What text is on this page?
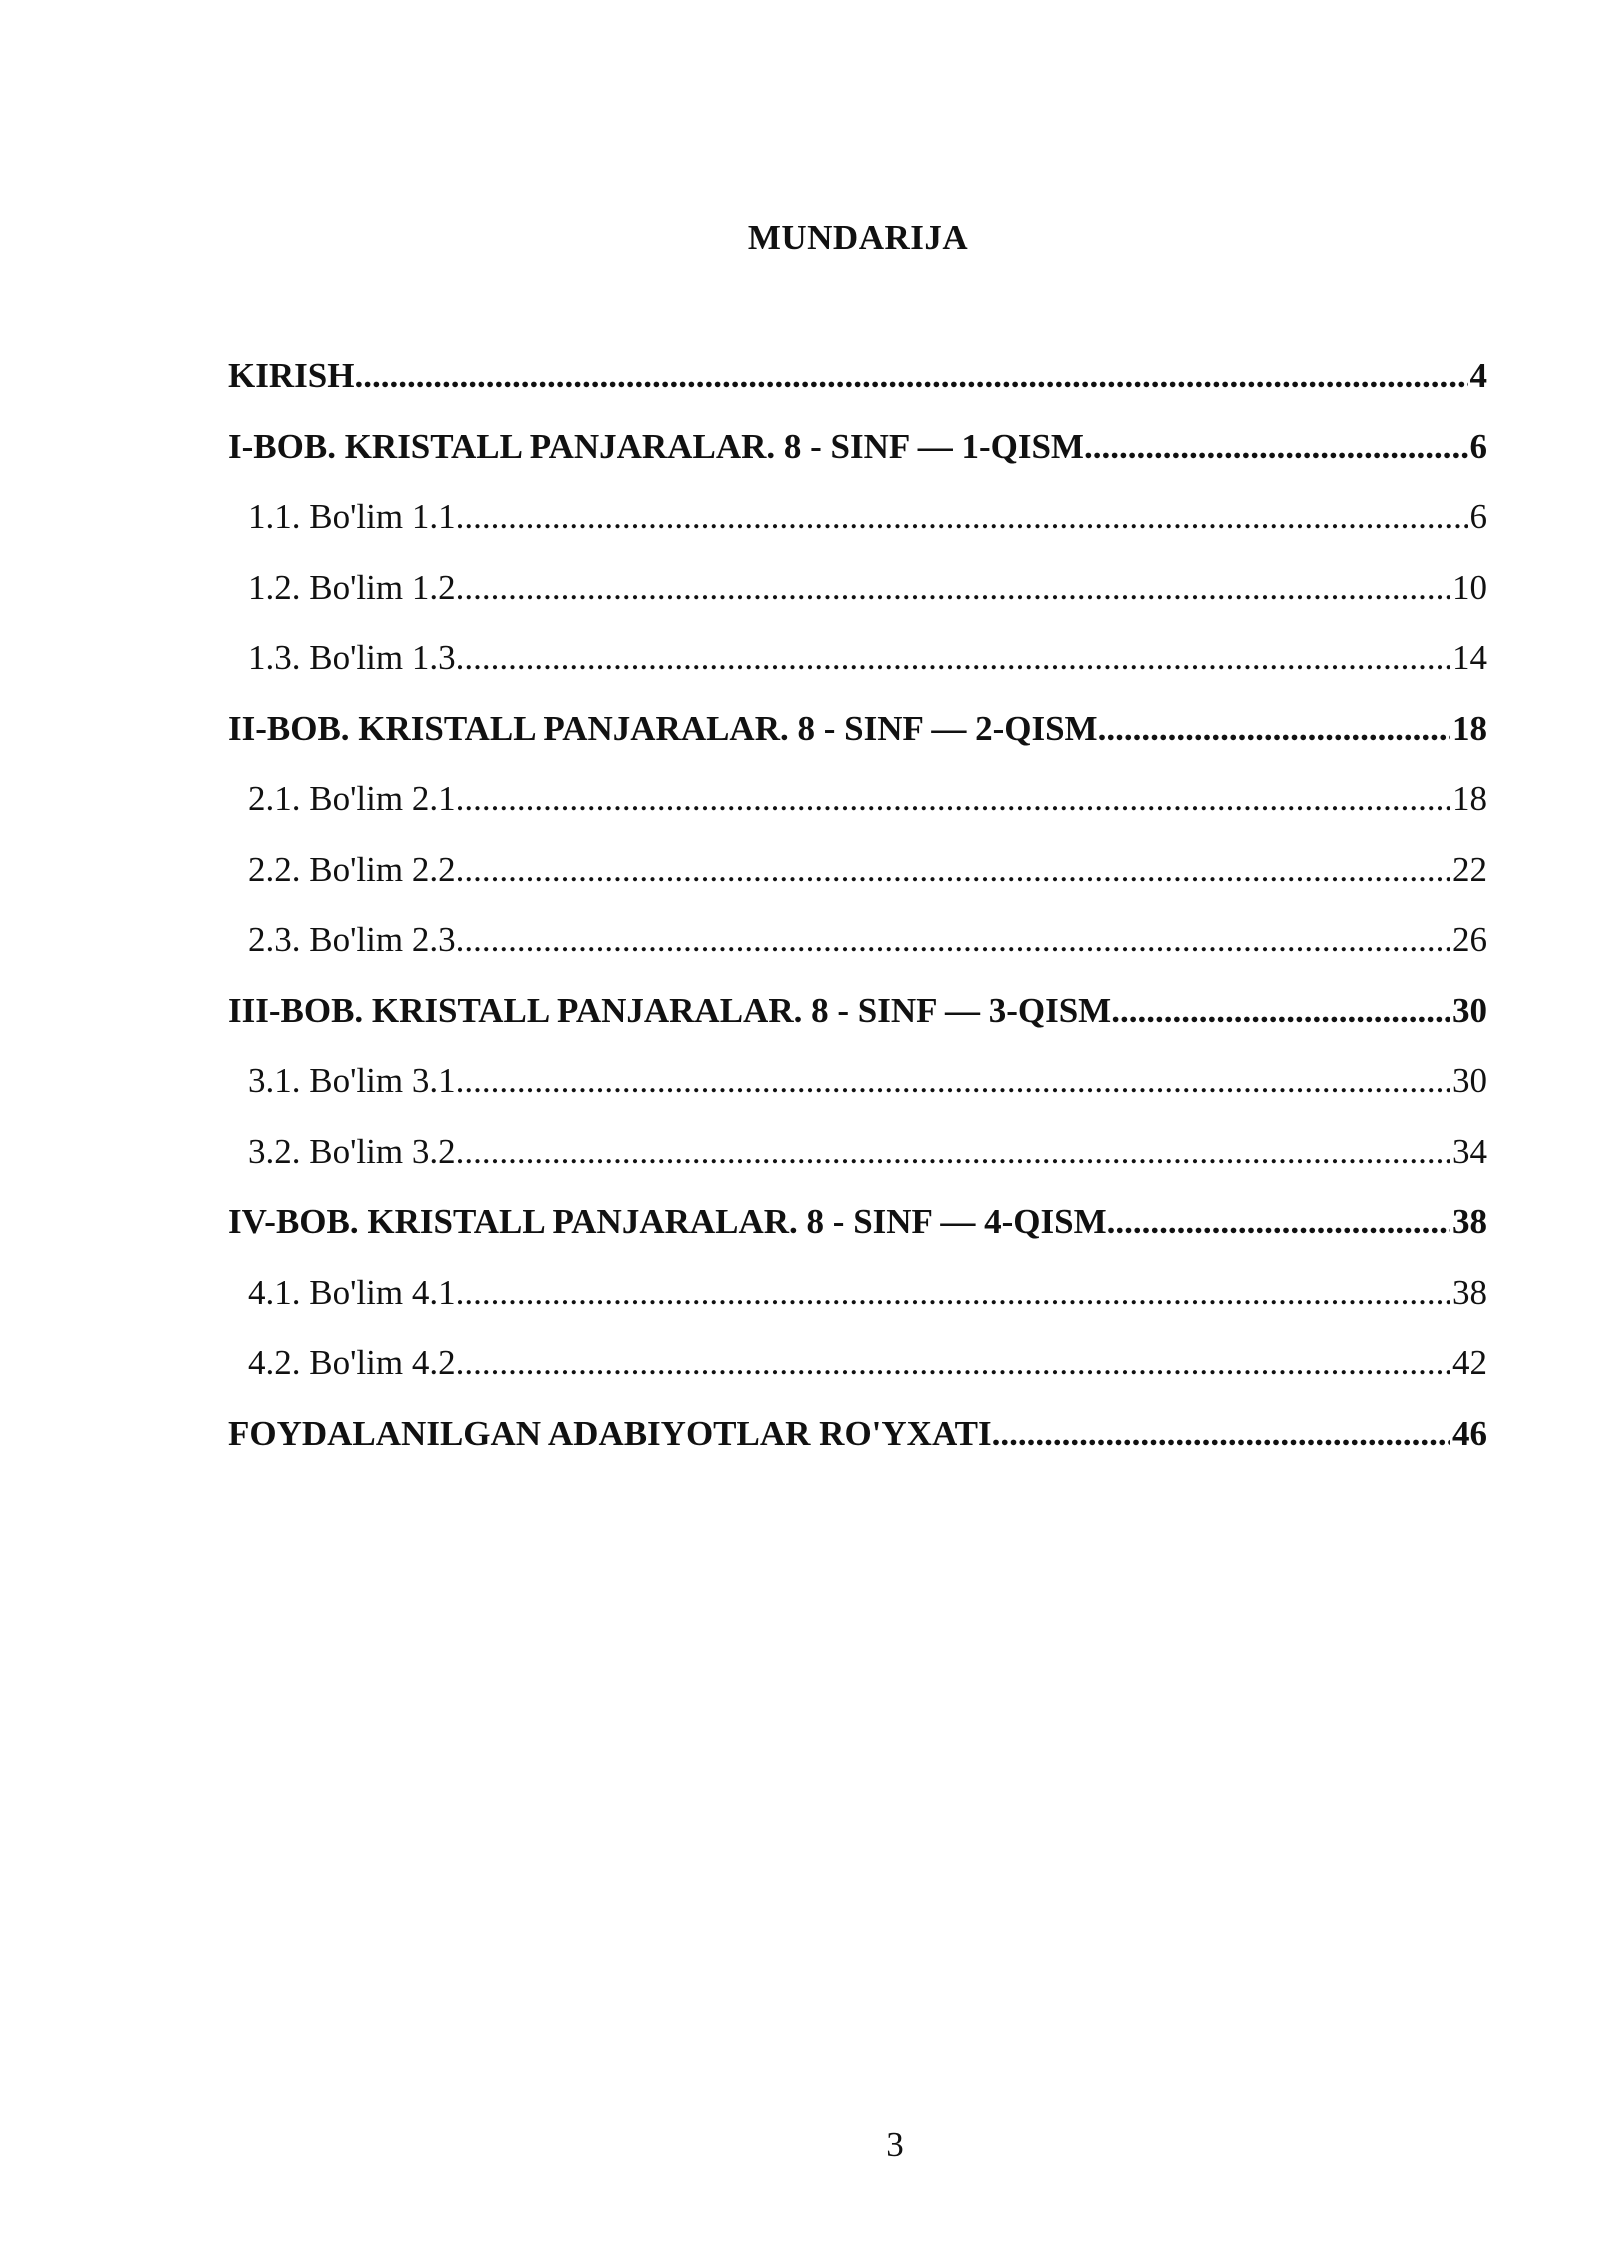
MUNDARIJA
KIRISH .....	4
I-BOB. KRISTALL PANJARALAR. 8 - SINF — 1-QISM .....	6
1.1. Bo'lim 1.1 .....	6
1.2. Bo'lim 1.2 .....	10
1.3. Bo'lim 1.3 .....	14
II-BOB. KRISTALL PANJARALAR. 8 - SINF — 2-QISM .....	18
2.1. Bo'lim 2.1 .....	18
2.2. Bo'lim 2.2 .....	22
2.3. Bo'lim 2.3 .....	26
III-BOB. KRISTALL PANJARALAR. 8 - SINF — 3-QISM .....	30
3.1. Bo'lim 3.1 .....	30
3.2. Bo'lim 3.2 .....	34
IV-BOB. KRISTALL PANJARALAR. 8 - SINF — 4-QISM .....	38
4.1. Bo'lim 4.1 .....	38
4.2. Bo'lim 4.2 .....	42
FOYDALANILGAN ADABIYOTLAR RO'YXATI .....	46
3
